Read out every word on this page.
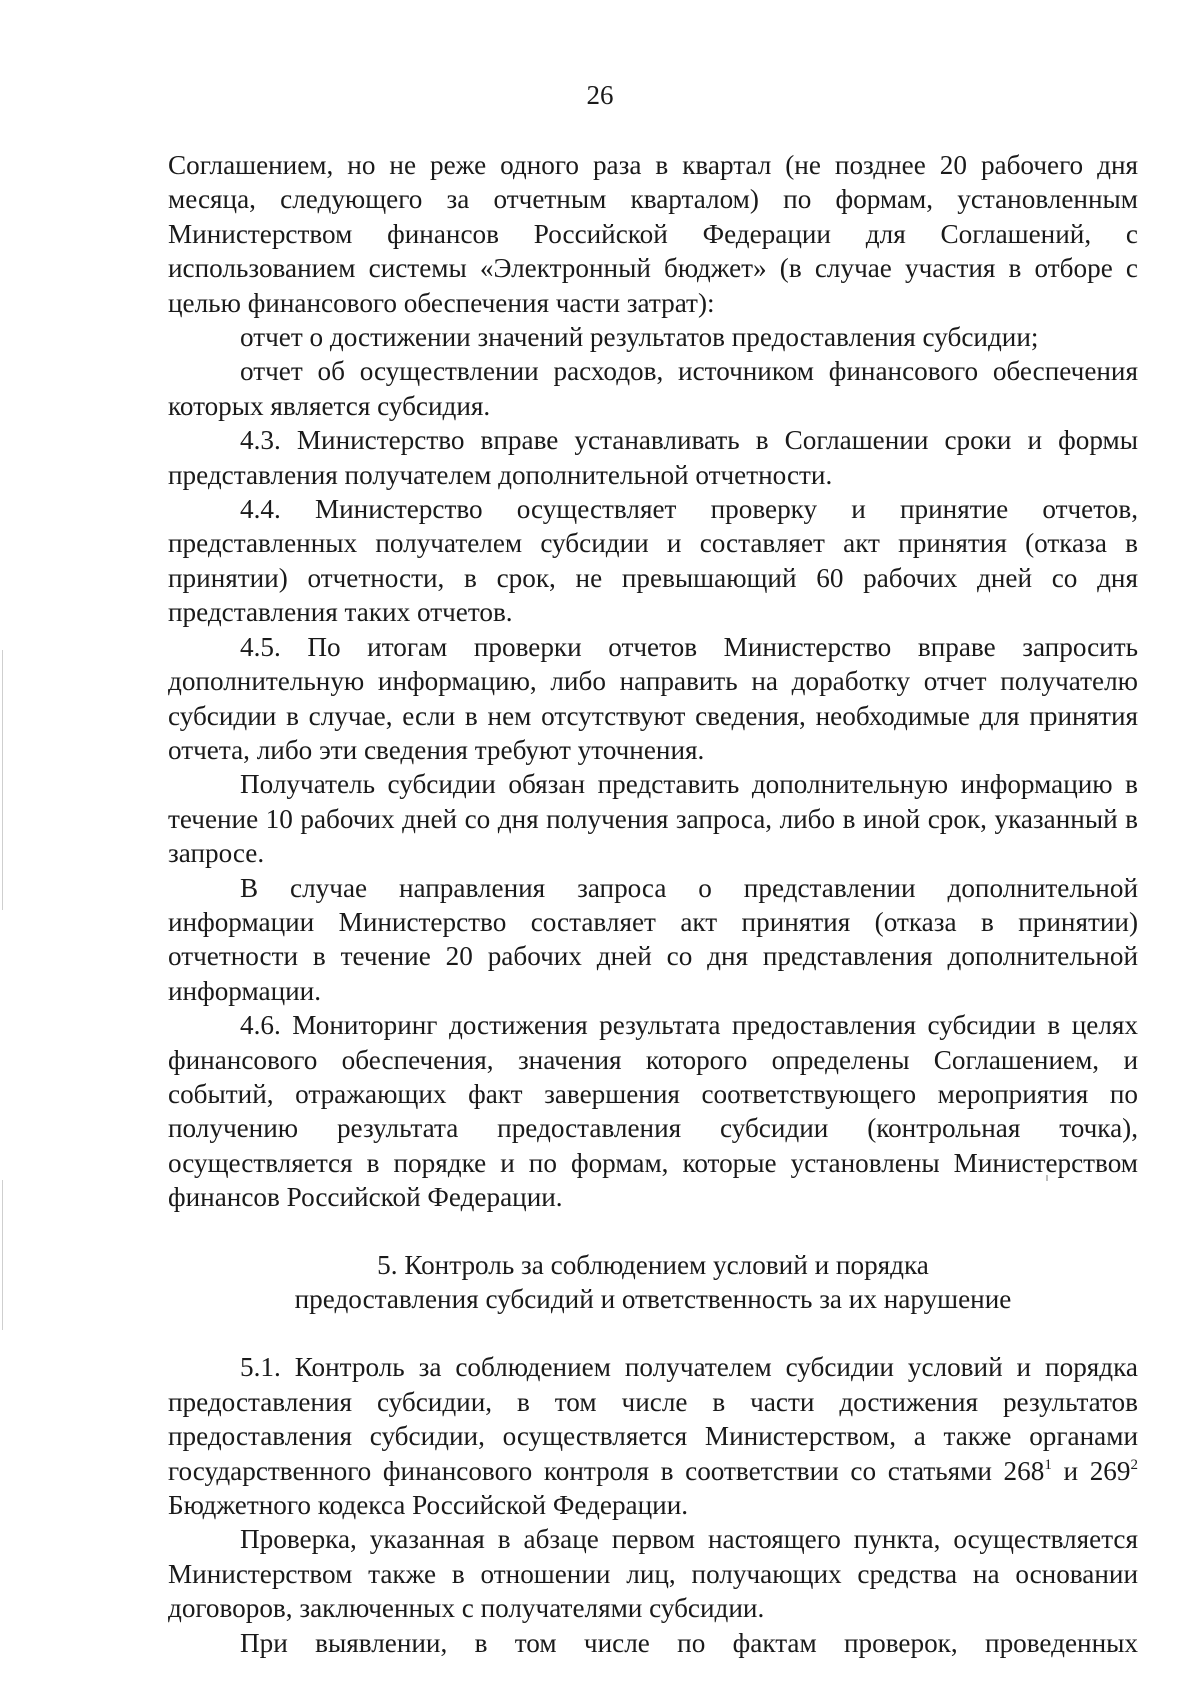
26

Соглашением, но не реже одного раза в квартал (не позднее 20 рабочего дня месяца, следующего за отчетным кварталом) по формам, установленным Министерством финансов Российской Федерации для Соглашений, с использованием системы «Электронный бюджет» (в случае участия в отборе с целью финансового обеспечения части затрат):

отчет о достижении значений результатов предоставления субсидии;

отчет об осуществлении расходов, источником финансового обеспечения которых является субсидия.

4.3. Министерство вправе устанавливать в Соглашении сроки и формы представления получателем дополнительной отчетности.

4.4. Министерство осуществляет проверку и принятие отчетов, представленных получателем субсидии и составляет акт принятия (отказа в принятии) отчетности, в срок, не превышающий 60 рабочих дней со дня представления таких отчетов.

4.5. По итогам проверки отчетов Министерство вправе запросить дополнительную информацию, либо направить на доработку отчет получателю субсидии в случае, если в нем отсутствуют сведения, необходимые для принятия отчета, либо эти сведения требуют уточнения.

Получатель субсидии обязан представить дополнительную информацию в течение 10 рабочих дней со дня получения запроса, либо в иной срок, указанный в запросе.

В случае направления запроса о представлении дополнительной информации Министерство составляет акт принятия (отказа в принятии) отчетности в течение 20 рабочих дней со дня представления дополнительной информации.

4.6. Мониторинг достижения результата предоставления субсидии в целях финансового обеспечения, значения которого определены Соглашением, и событий, отражающих факт завершения соответствующего мероприятия по получению результата предоставления субсидии (контрольная точка), осуществляется в порядке и по формам, которые установлены Министерством финансов Российской Федерации.

5. Контроль за соблюдением условий и порядка
предоставления субсидий и ответственность за их нарушение

5.1. Контроль за соблюдением получателем субсидии условий и порядка предоставления субсидии, в том числе в части достижения результатов предоставления субсидии, осуществляется Министерством, а также органами государственного финансового контроля в соответствии со статьями $268^1$ и $269^2$ Бюджетного кодекса Российской Федерации.

Проверка, указанная в абзаце первом настоящего пункта, осуществляется Министерством также в отношении лиц, получающих средства на основании договоров, заключенных с получателями субсидии.

При выявлении, в том числе по фактам проверок, проведенных
